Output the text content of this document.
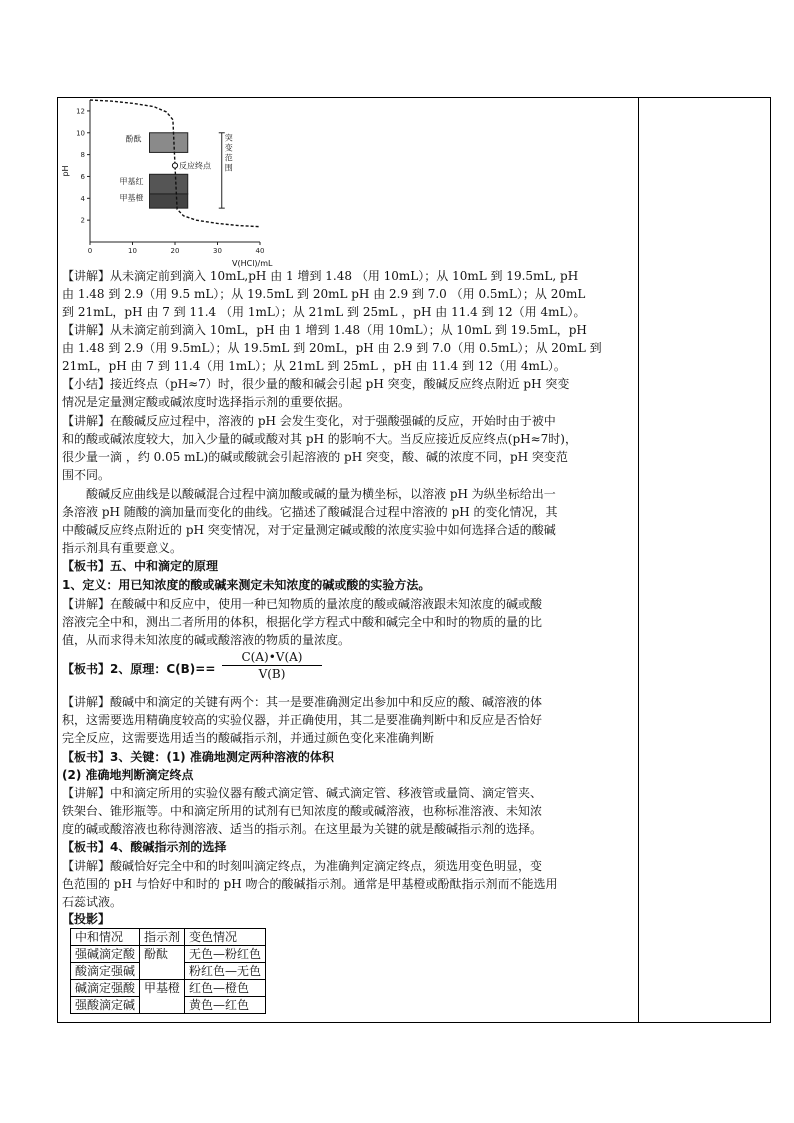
0	10	20	30	40
2
4
6
8
10
12
pH
V(HCl)/mL
酚酞
反应终点
甲基红
甲基橙
突
变
范
围
【讲解】从未滴定前到滴入 10mL,pH 由 1 增到 1.48 （用 10mL）；从 10mL 到 19.5mL, pH
由 1.48 到 2.9（用 9.5 mL）；从 19.5mL 到 20mL pH 由 2.9 到 7.0 （用 0.5mL）；从 20mL
到 21mL，pH 由 7 到 11.4 （用 1mL）；从 21mL 到 25mL ，pH 由 11.4 到 12（用 4mL）。
【讲解】从未滴定前到滴入 10mL，pH 由 1 增到 1.48（用 10mL）；从 10mL 到 19.5mL，pH
由 1.48 到 2.9（用 9.5mL）；从 19.5mL 到 20mL，pH 由 2.9 到 7.0（用 0.5mL）；从 20mL 到
21mL，pH 由 7 到 11.4（用 1mL）；从 21mL 到 25mL ，pH 由 11.4 到 12（用 4mL）。
【小结】接近终点（pH≈7）时，很少量的酸和碱会引起 pH 突变，酸碱反应终点附近 pH 突变
情况是定量测定酸或碱浓度时选择指示剂的重要依据。
【讲解】在酸碱反应过程中，溶液的 pH 会发生变化，对于强酸强碱的反应，开始时由于被中
和的酸或碱浓度较大，加入少量的碱或酸对其 pH 的影响不大。当反应接近反应终点(pH≈7时)，
很少量一滴 ，约 0.05 mL)的碱或酸就会引起溶液的 pH 突变，酸、碱的浓度不同，pH 突变范
围不同。
　　酸碱反应曲线是以酸碱混合过程中滴加酸或碱的量为横坐标，以溶液 pH 为纵坐标给出一
条溶液 pH 随酸的滴加量而变化的曲线。它描述了酸碱混合过程中溶液的 pH 的变化情况，其
中酸碱反应终点附近的 pH 突变情况，对于定量测定碱或酸的浓度实验中如何选择合适的酸碱
指示剂具有重要意义。
【板书】五、中和滴定的原理
1、定义：用已知浓度的酸或碱来测定未知浓度的碱或酸的实验方法。
【讲解】在酸碱中和反应中，使用一种已知物质的量浓度的酸或碱溶液跟未知浓度的碱或酸
溶液完全中和，测出二者所用的体积，根据化学方程式中酸和碱完全中和时的物质的量的比
值，从而求得未知浓度的碱或酸溶液的物质的量浓度。
【板书】2、原理：$C(B)== \frac{C(A)•V(A)}{V(B)}$
【讲解】酸碱中和滴定的关键有两个：其一是要准确测定出参加中和反应的酸、碱溶液的体
积，这需要选用精确度较高的实验仪器，并正确使用，其二是要准确判断中和反应是否恰好
完全反应，这需要选用适当的酸碱指示剂，并通过颜色变化来准确判断
【板书】3、关键：(1) 准确地测定两种溶液的体积
(2) 准确地判断滴定终点
【讲解】中和滴定所用的实验仪器有酸式滴定管、碱式滴定管、移液管或量筒、滴定管夹、
铁架台、锥形瓶等。中和滴定所用的试剂有已知浓度的酸或碱溶液，也称标准溶液、未知浓
度的碱或酸溶液也称待测溶液、适当的指示剂。在这里最为关键的就是酸碱指示剂的选择。
【板书】4、酸碱指示剂的选择
【讲解】酸碱恰好完全中和的时刻叫滴定终点，为准确判定滴定终点，须选用变色明显，变
色范围的 pH 与恰好中和时的 pH 吻合的酸碱指示剂。通常是甲基橙或酚酞指示剂而不能选用
石蕊试液。
【投影】
中和情况	指示剂	变色情况
强碱滴定酸	酚酞	无色—粉红色
酸滴定强碱		粉红色—无色
碱滴定强酸	甲基橙	红色—橙色
强酸滴定碱		黄色—红色
